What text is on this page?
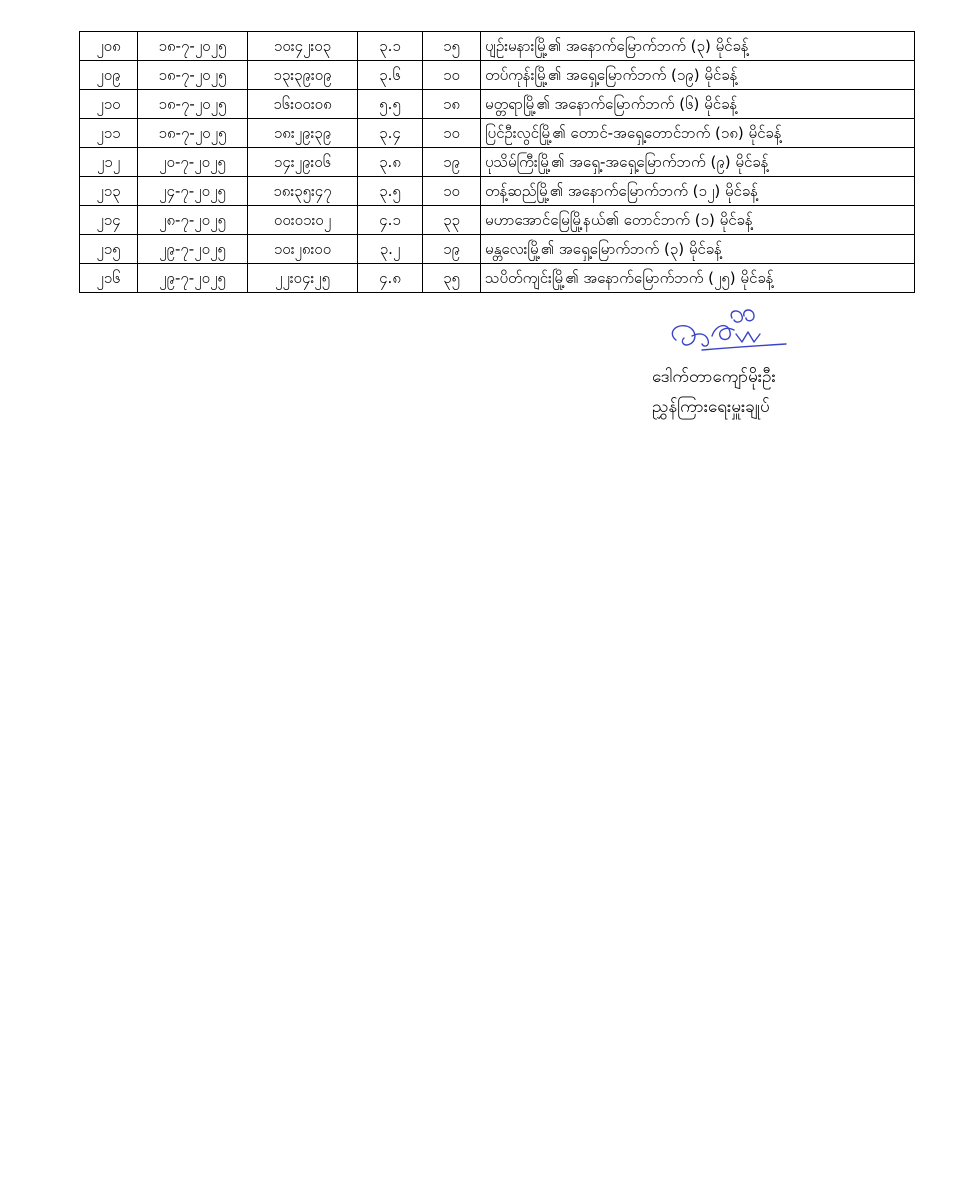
၂၀၈	၁၈-၇-၂၀၂၅	၁၀း၄၂း၀၃	၃.၁	၁၅	ပျဉ်းမနားမြို့၏ အနောက်မြောက်ဘက် (၃) မိုင်ခန့်
၂၀၉	၁၈-၇-၂၀၂၅	၁၃း၃၉း၀၉	၃.၆	၁၀	တပ်ကုန်းမြို့၏ အရှေ့မြောက်ဘက် (၁၉) မိုင်ခန့်
၂၁၀	၁၈-၇-၂၀၂၅	၁၆း၀၀း၀၈	၅.၅	၁၈	မတ္တရာမြို့၏ အနောက်မြောက်ဘက် (၆) မိုင်ခန့်
၂၁၁	၁၈-၇-၂၀၂၅	၁၈း၂၉း၃၉	၃.၄	၁၀	ပြင်ဦးလွင်မြို့၏ တောင်-အရှေ့တောင်ဘက် (၁၈) မိုင်ခန့်
၂၁၂	၂၀-၇-၂၀၂၅	၁၄း၂၉း၀၆	၃.၈	၁၉	ပုသိမ်ကြီးမြို့၏ အရှေ့-အရှေ့မြောက်ဘက် (၉) မိုင်ခန့်
၂၁၃	၂၄-၇-၂၀၂၅	၁၈း၃၅း၄၇	၃.၅	၁၀	တန့်ဆည်မြို့၏ အနောက်မြောက်ဘက် (၁၂) မိုင်ခန့်
၂၁၄	၂၈-၇-၂၀၂၅	၀၀း၀၁း၀၂	၄.၁	၃၃	မဟာအောင်မြေမြို့နယ်၏ တောင်ဘက် (၁) မိုင်ခန့်
၂၁၅	၂၉-၇-၂၀၂၅	၁၀း၂၈း၀၀	၃.၂	၁၉	မန္တလေးမြို့၏ အရှေ့မြောက်ဘက် (၃) မိုင်ခန့်
၂၁၆	၂၉-၇-၂၀၂၅	၂၂း၀၄း၂၅	၄.၈	၃၅	သပိတ်ကျင်းမြို့၏ အနောက်မြောက်ဘက် (၂၅) မိုင်ခန့်
ဒေါက်တာကျော်မိုးဦး
ညွှန်ကြားရေးမှူးချုပ်
